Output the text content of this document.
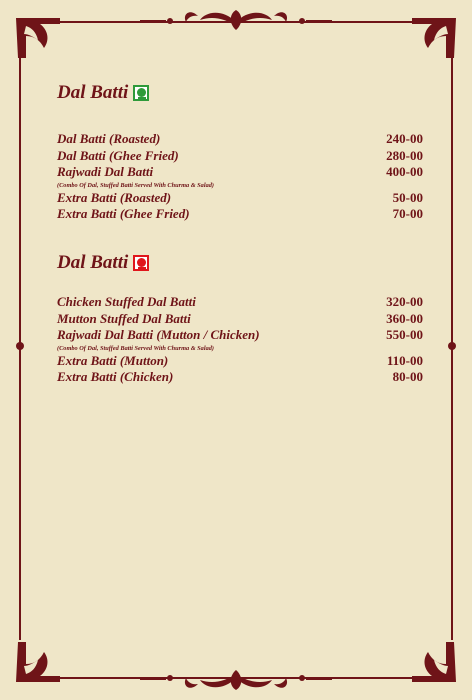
Dal Batti
Dal Batti (Roasted)	240-00
Dal Batti (Ghee Fried)	280-00
Rajwadi Dal Batti	400-00
(Combo Of Dal, Stuffed Batti Served With Churma & Salad)
Extra Batti (Roasted)	50-00
Extra Batti (Ghee Fried)	70-00
Dal Batti
Chicken Stuffed Dal Batti	320-00
Mutton Stuffed Dal Batti	360-00
Rajwadi Dal Batti (Mutton / Chicken)	550-00
(Combo Of Dal, Stuffed Batti Served With Churma & Salad)
Extra Batti (Mutton)	110-00
Extra Batti (Chicken)	80-00
